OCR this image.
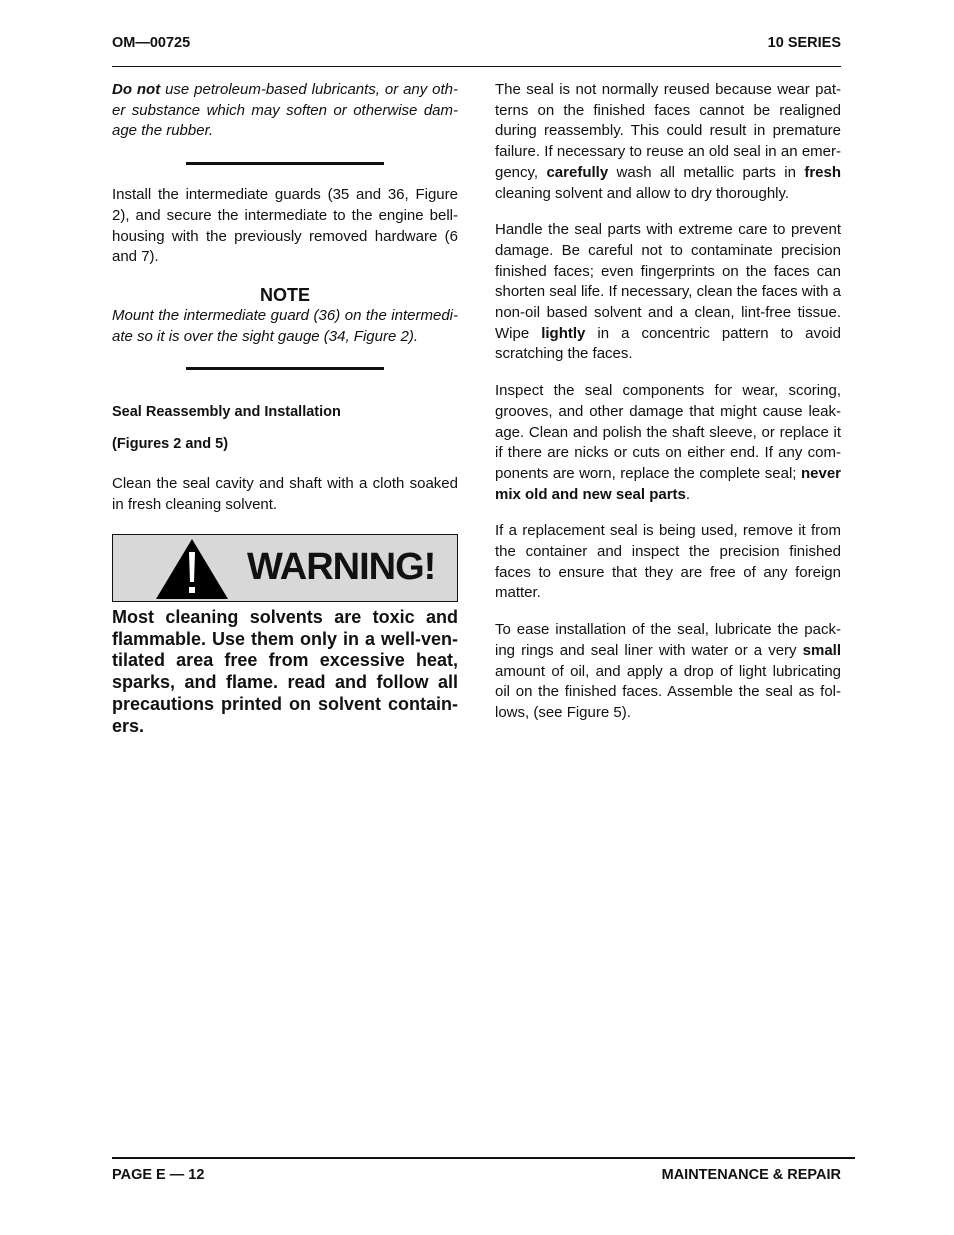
OM—00725	10 SERIES

Do not use petroleum-based lubricants, or any other substance which may soften or otherwise damage the rubber.

Install the intermediate guards (35 and 36, Figure 2), and secure the intermediate to the engine bellhousing with the previously removed hardware (6 and 7).

NOTE

Mount the intermediate guard (36) on the intermediate so it is over the sight gauge (34, Figure 2).

Seal Reassembly and Installation
(Figures 2 and 5)

Clean the seal cavity and shaft with a cloth soaked in fresh cleaning solvent.

WARNING!

Most cleaning solvents are toxic and flammable. Use them only in a well-ventilated area free from excessive heat, sparks, and flame. read and follow all precautions printed on solvent containers.

The seal is not normally reused because wear patterns on the finished faces cannot be realigned during reassembly. This could result in premature failure. If necessary to reuse an old seal in an emergency, carefully wash all metallic parts in fresh cleaning solvent and allow to dry thoroughly.

Handle the seal parts with extreme care to prevent damage. Be careful not to contaminate precision finished faces; even fingerprints on the faces can shorten seal life. If necessary, clean the faces with a non-oil based solvent and a clean, lint-free tissue. Wipe lightly in a concentric pattern to avoid scratching the faces.

Inspect the seal components for wear, scoring, grooves, and other damage that might cause leakage. Clean and polish the shaft sleeve, or replace it if there are nicks or cuts on either end. If any components are worn, replace the complete seal; never mix old and new seal parts.

If a replacement seal is being used, remove it from the container and inspect the precision finished faces to ensure that they are free of any foreign matter.

To ease installation of the seal, lubricate the packing rings and seal liner with water or a very small amount of oil, and apply a drop of light lubricating oil on the finished faces. Assemble the seal as follows, (see Figure 5).

PAGE E — 12	MAINTENANCE & REPAIR
